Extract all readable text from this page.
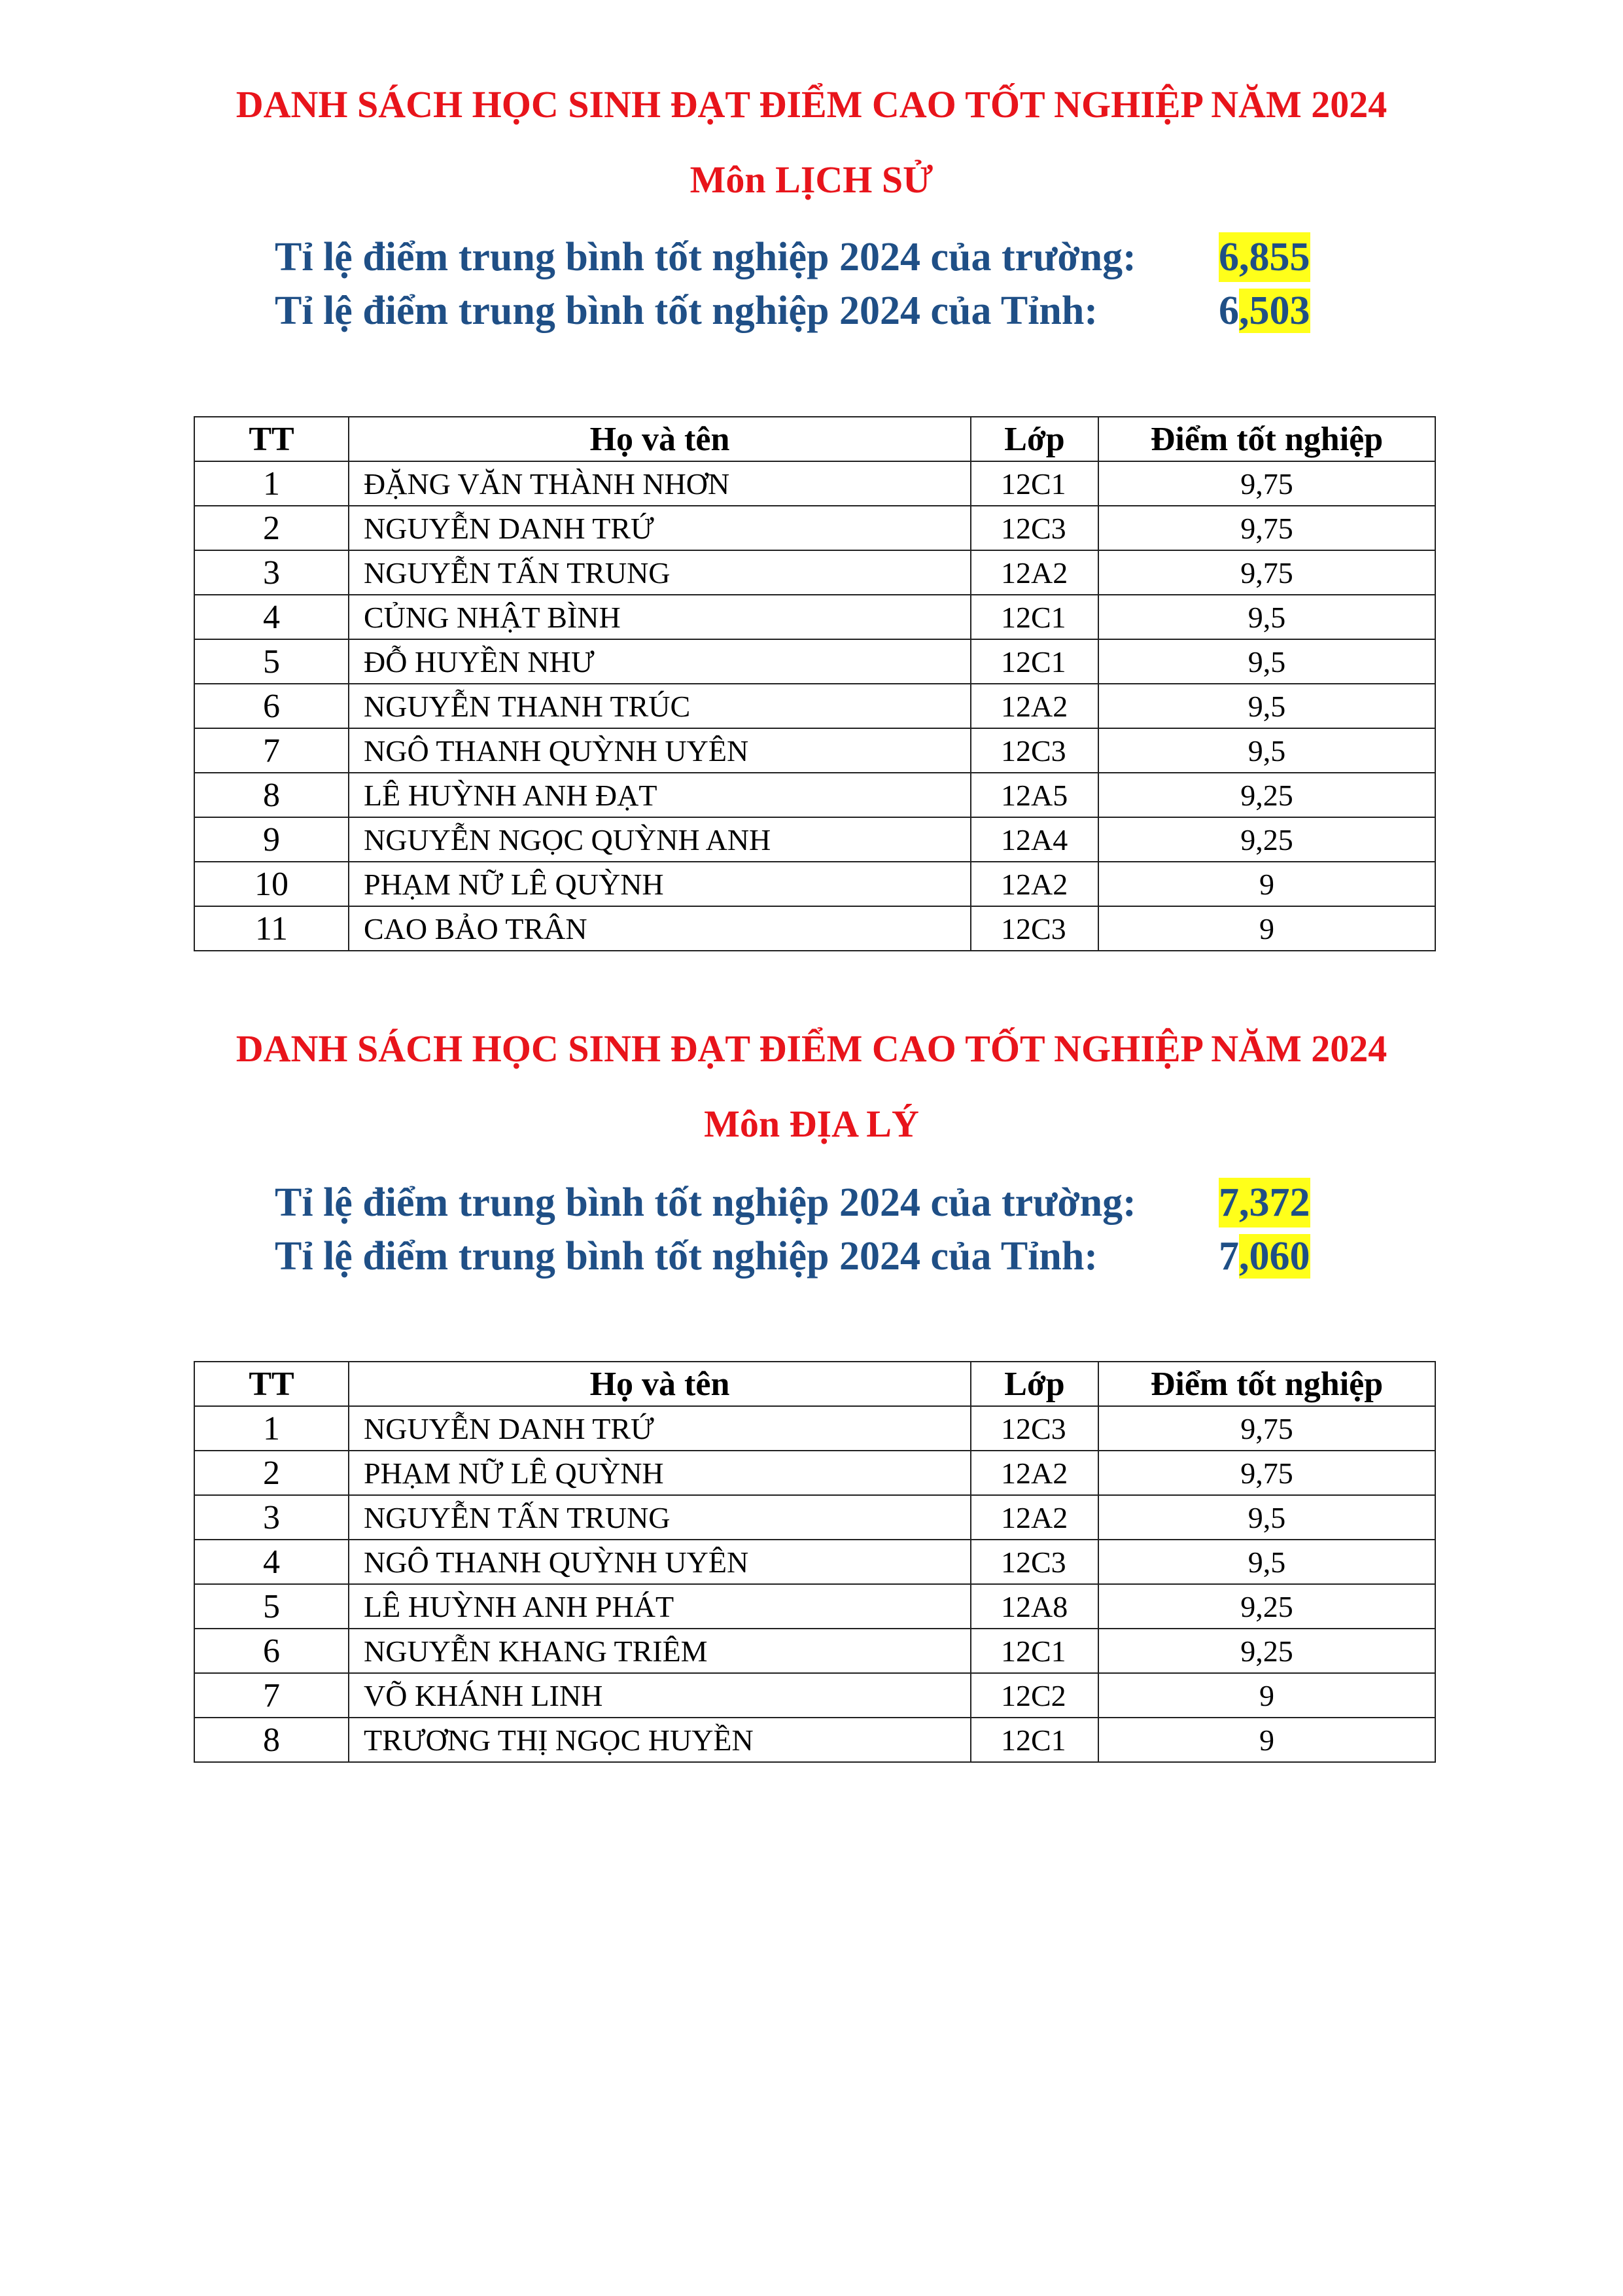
DANH SÁCH HỌC SINH ĐẠT ĐIỂM CAO TỐT NGHIỆP NĂM 2024
Môn LỊCH SỬ
Tỉ lệ điểm trung bình tốt nghiệp 2024 của trường: 6,855
Tỉ lệ điểm trung bình tốt nghiệp 2024 của Tỉnh:	6,503
TT	Họ và tên	Lớp	Điểm tốt nghiệp
1	ĐẶNG VĂN THÀNH NHƠN	12C1	9,75
2	NGUYỄN DANH TRỨ	12C3	9,75
3	NGUYỄN TẤN TRUNG	12A2	9,75
4	CỦNG NHẬT BÌNH	12C1	9,5
5	ĐỖ HUYỀN NHƯ	12C1	9,5
6	NGUYỄN THANH TRÚC	12A2	9,5
7	NGÔ THANH QUỲNH UYÊN	12C3	9,5
8	LÊ HUỲNH ANH ĐẠT	12A5	9,25
9	NGUYỄN NGỌC QUỲNH ANH	12A4	9,25
10	PHẠM NỮ LÊ QUỲNH	12A2	9
11	CAO BẢO TRÂN	12C3	9
DANH SÁCH HỌC SINH ĐẠT ĐIỂM CAO TỐT NGHIỆP NĂM 2024
Môn ĐỊA LÝ
Tỉ lệ điểm trung bình tốt nghiệp 2024 của trường: 7,372
Tỉ lệ điểm trung bình tốt nghiệp 2024 của Tỉnh:	7,060
TT	Họ và tên	Lớp	Điểm tốt nghiệp
1	NGUYỄN DANH TRỨ	12C3	9,75
2	PHẠM NỮ LÊ QUỲNH	12A2	9,75
3	NGUYỄN TẤN TRUNG	12A2	9,5
4	NGÔ THANH QUỲNH UYÊN	12C3	9,5
5	LÊ HUỲNH ANH PHÁT	12A8	9,25
6	NGUYỄN KHANG TRIÊM	12C1	9,25
7	VÕ KHÁNH LINH	12C2	9
8	TRƯƠNG THỊ NGỌC HUYỀN	12C1	9
